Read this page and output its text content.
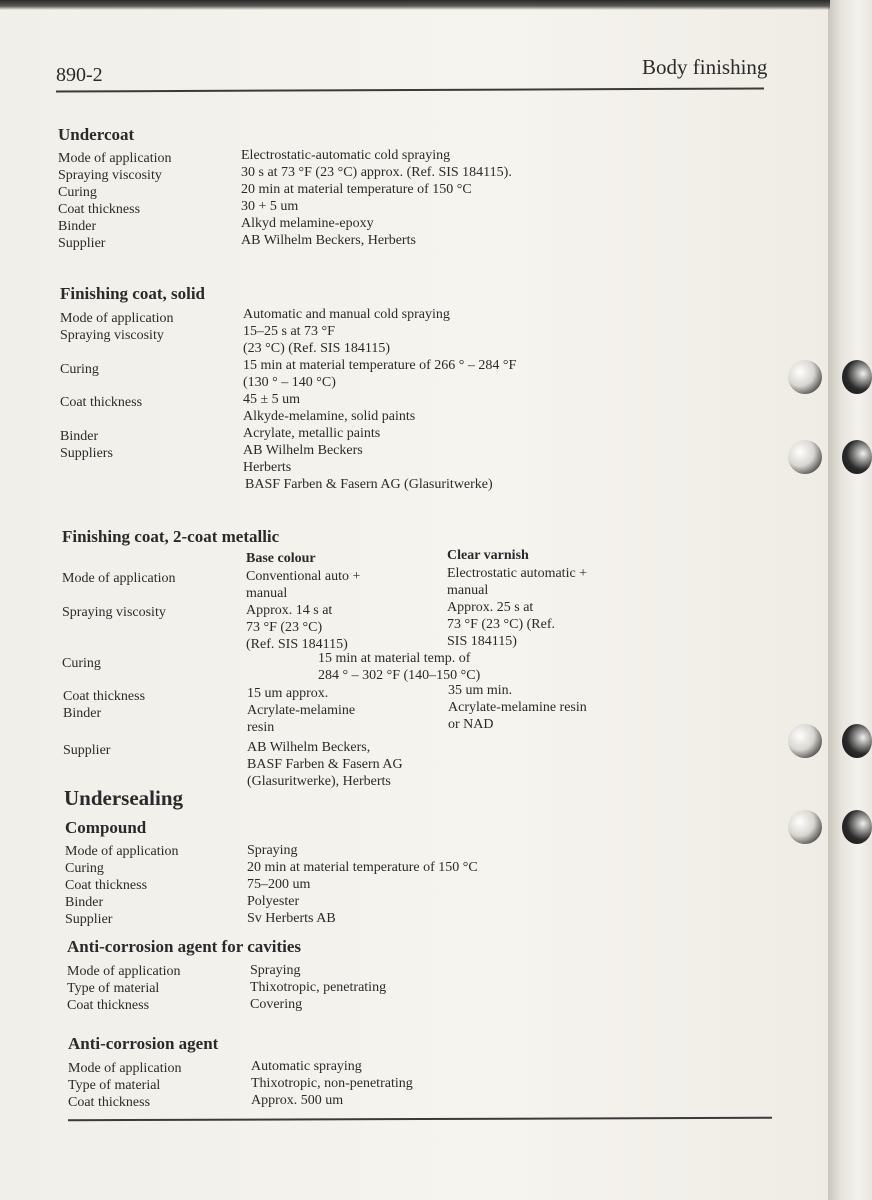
890-2	Body finishing
Undercoat
Mode of application
Spraying viscosity
Curing
Coat thickness
Binder
Supplier
Electrostatic-automatic cold spraying
30 s at 73 °F (23 °C) approx. (Ref. SIS 184115).
20 min at material temperature of 150 °C
30 + 5 um
Alkyd melamine-epoxy
AB Wilhelm Beckers, Herberts
Finishing coat, solid
Mode of application
Spraying viscosity
Curing
Coat thickness
Binder
Suppliers
Automatic and manual cold spraying
15–25 s at 73 °F
(23 °C) (Ref. SIS 184115)
15 min at material temperature of 266 ° – 284 °F
(130 ° – 140 °C)
45 ± 5 um
Alkyde-melamine, solid paints
Acrylate, metallic paints
AB Wilhelm Beckers
Herberts
BASF Farben & Fasern AG (Glasuritwerke)
Finishing coat, 2-coat metallic
Base colour	Clear varnish
Mode of application
Spraying viscosity
Curing
Coat thickness
Binder
Supplier
Conventional auto +
manual
Approx. 14 s at
73 °F (23 °C)
(Ref. SIS 184115)
15 um approx.
Acrylate-melamine
resin
AB Wilhelm Beckers,
BASF Farben & Fasern AG
(Glasuritwerke), Herberts
Electrostatic automatic +
manual
Approx. 25 s at
73 °F (23 °C) (Ref.
SIS 184115)
35 um min.
Acrylate-melamine resin
or NAD
15 min at material temp. of
284 ° – 302 °F (140–150 °C)
Undersealing
Compound
Mode of application
Curing
Coat thickness
Binder
Supplier
Spraying
20 min at material temperature of 150 °C
75–200 um
Polyester
Sv Herberts AB
Anti-corrosion agent for cavities
Mode of application
Type of material
Coat thickness
Spraying
Thixotropic, penetrating
Covering
Anti-corrosion agent
Mode of application
Type of material
Coat thickness
Automatic spraying
Thixotropic, non-penetrating
Approx. 500 um
